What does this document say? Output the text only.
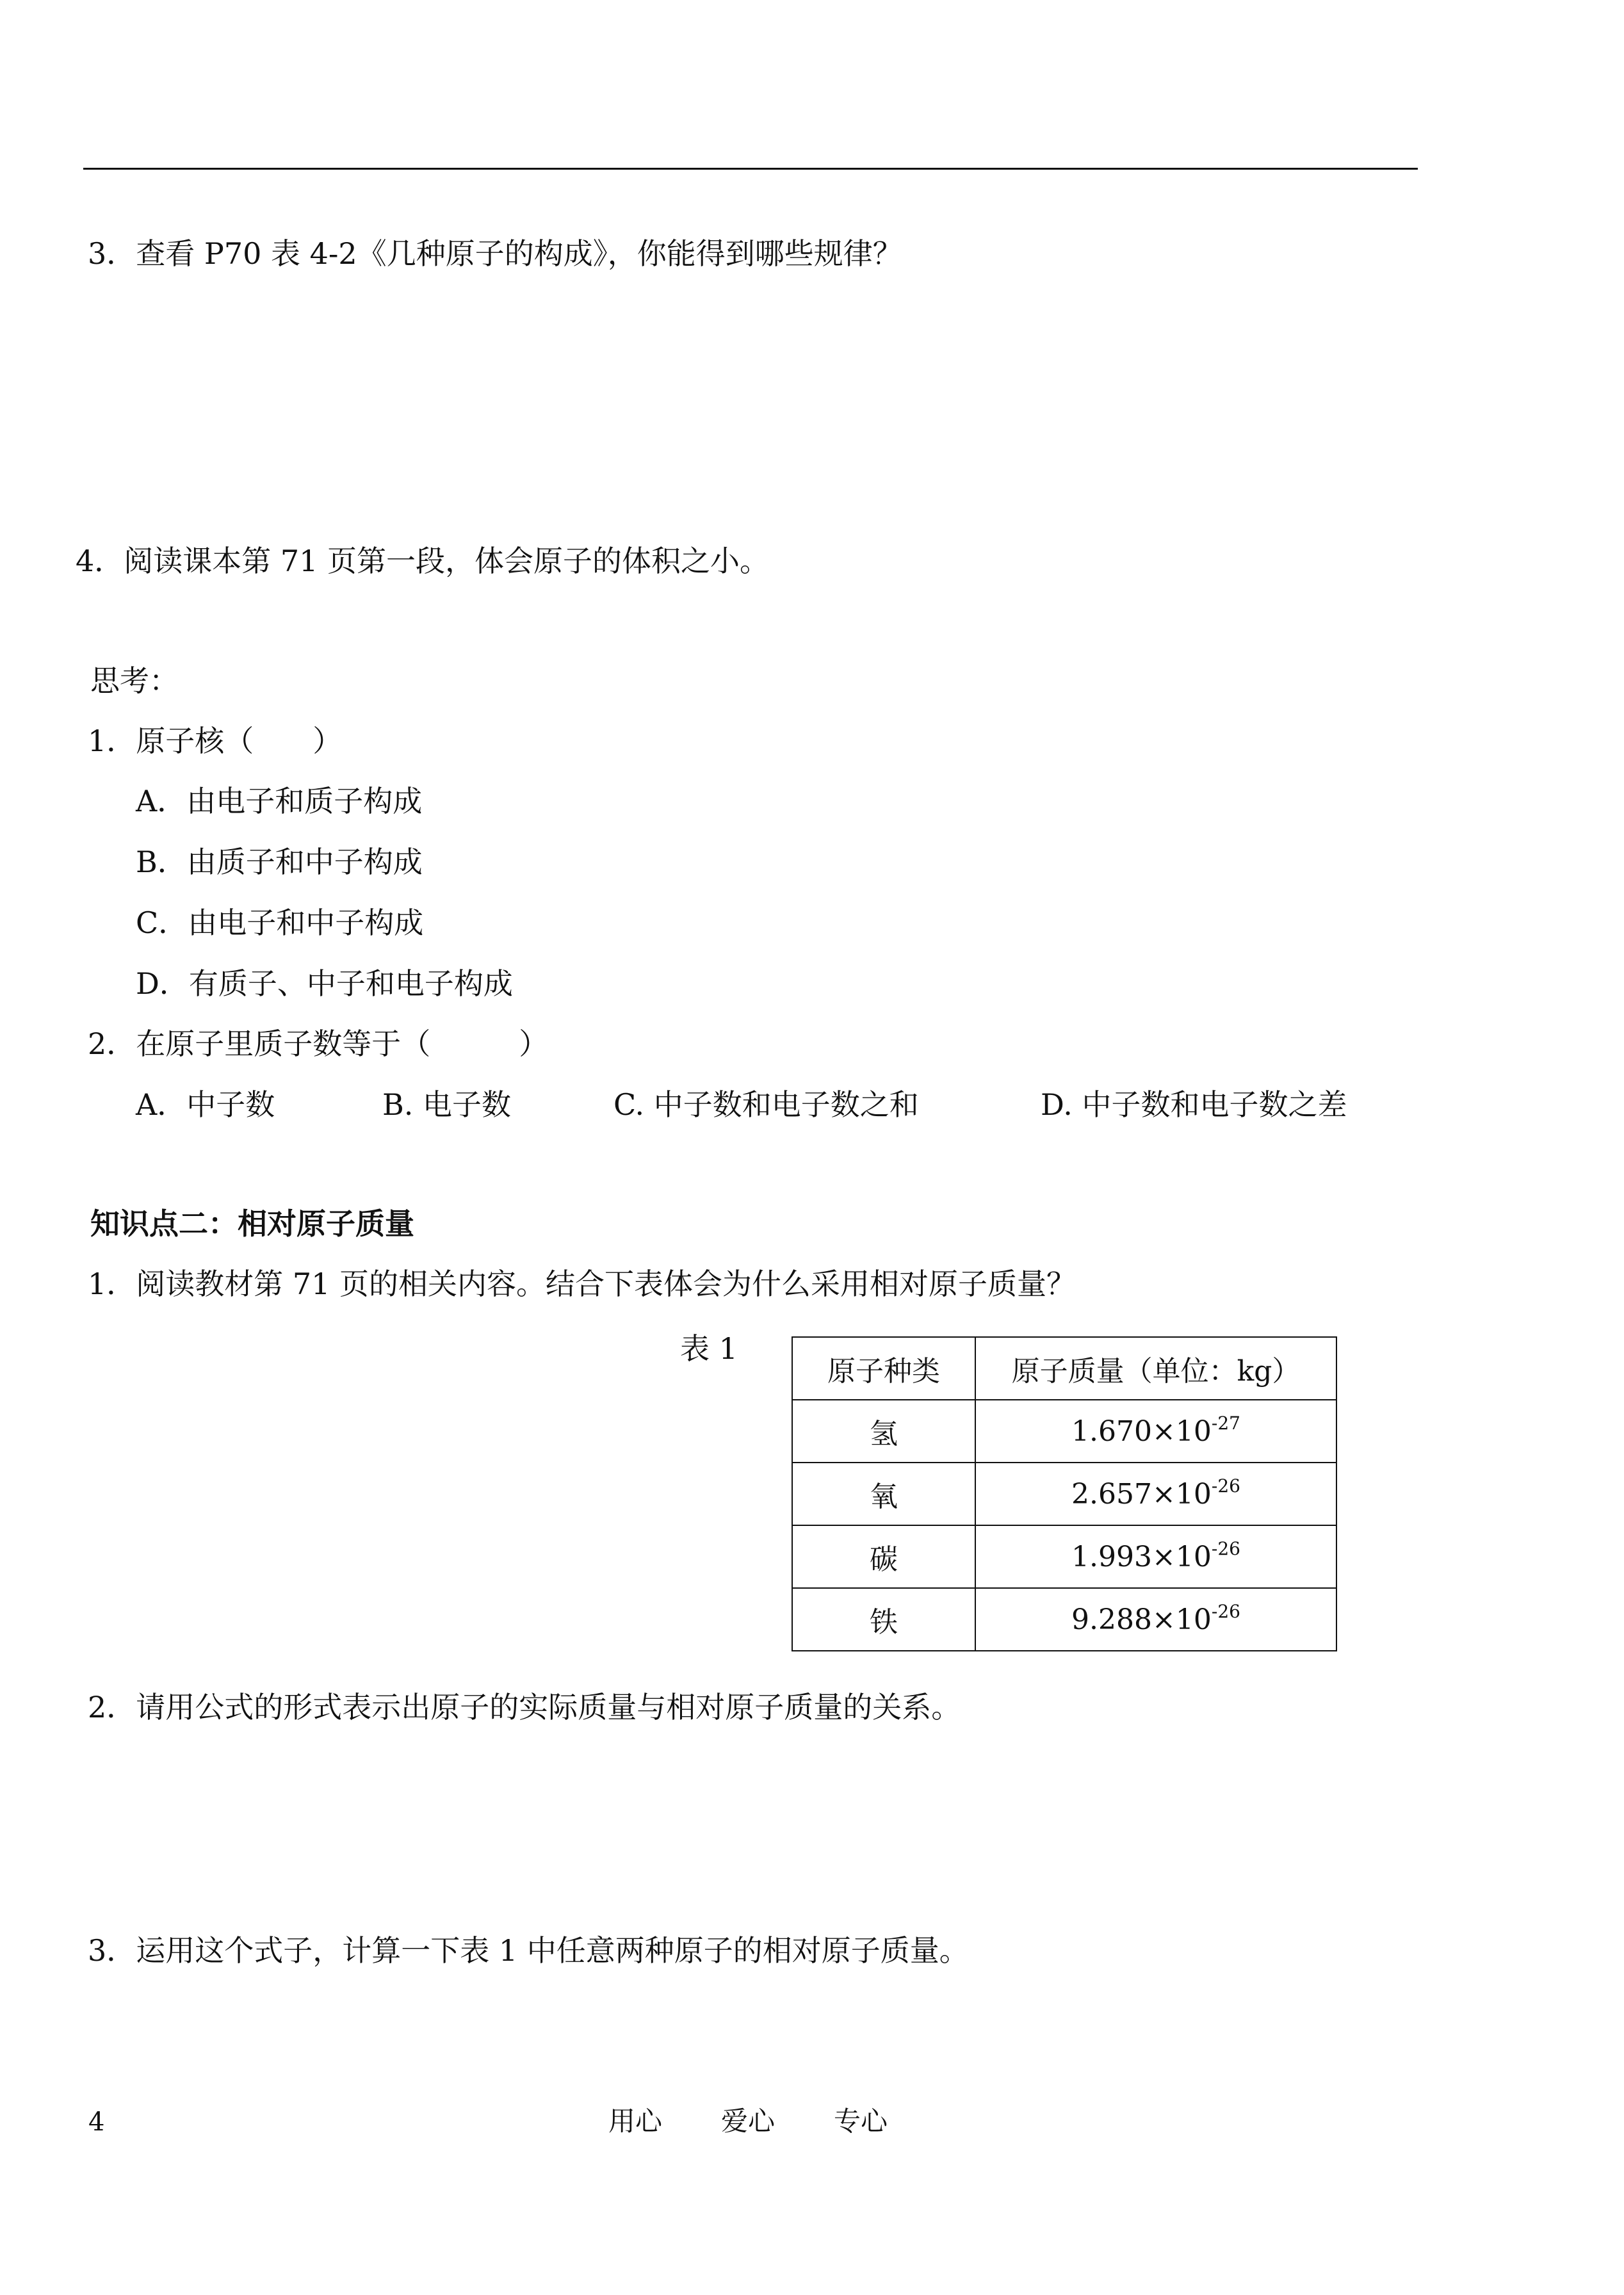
3．查看 P70 表 4-2《几种原子的构成》，你能得到哪些规律？
4．阅读课本第 71 页第一段，体会原子的体积之小。
思考：
1．原子核（　　）
A．由电子和质子构成
B．由质子和中子构成
C．由电子和中子构成
D．有质子、中子和电子构成
2．在原子里质子数等于（　　　）
A．中子数	B. 电子数	C. 中子数和电子数之和	D. 中子数和电子数之差
知识点二：相对原子质量
1．阅读教材第 71 页的相关内容。结合下表体会为什么采用相对原子质量？
表 1
原子种类	原子质量（单位：kg）
氢	$1.670\times 10^{-27}$
氧	$2.657\times 10^{-26}$
碳	$1.993\times 10^{-26}$
铁	$9.288\times 10^{-26}$
2．请用公式的形式表示出原子的实际质量与相对原子质量的关系。
3．运用这个式子，计算一下表 1 中任意两种原子的相对原子质量。
4	用心 爱心 专心
